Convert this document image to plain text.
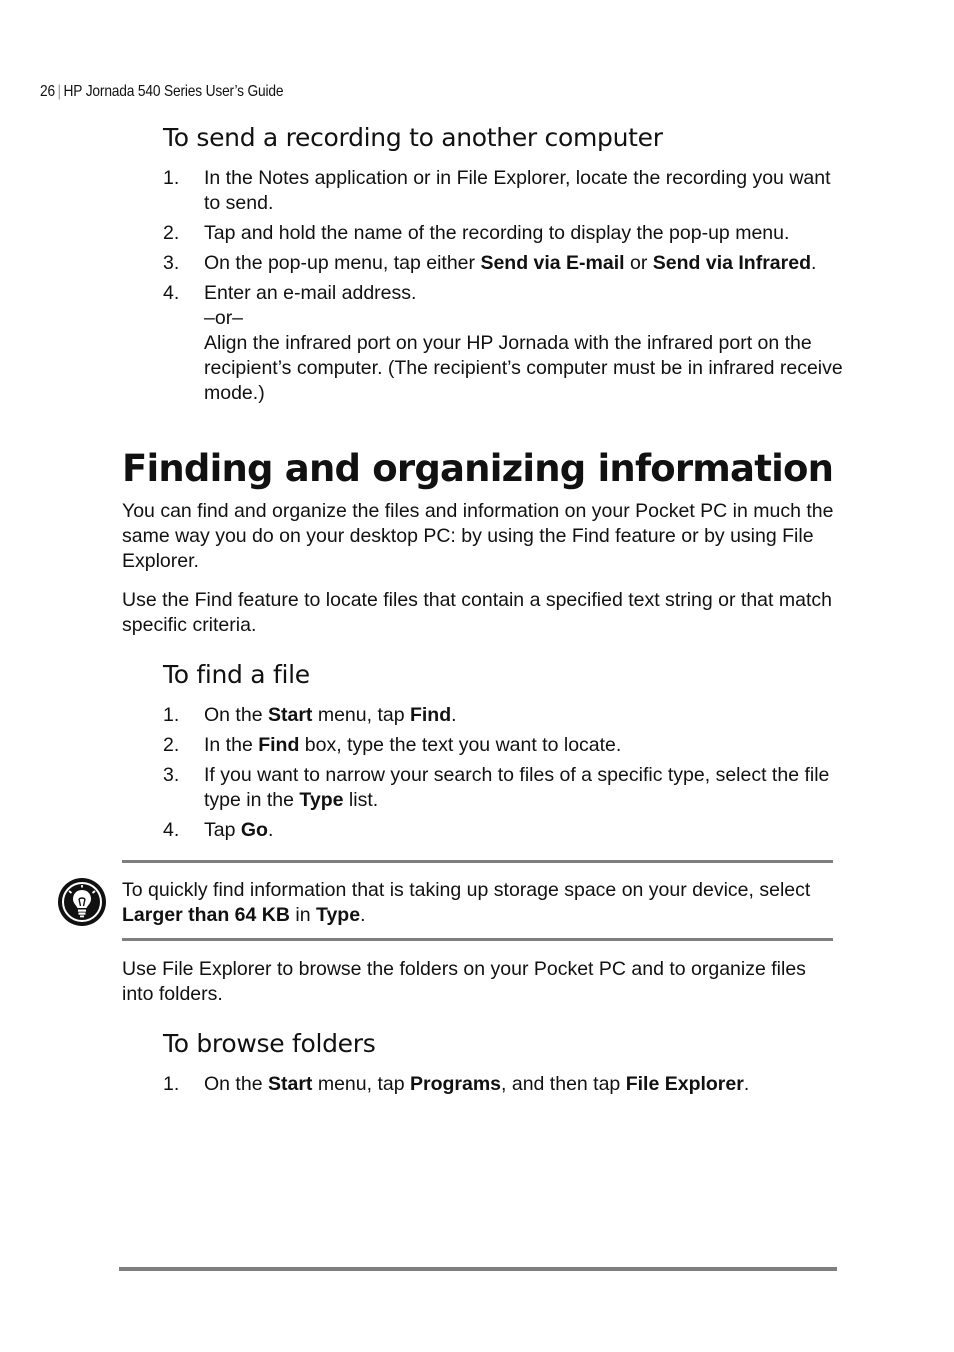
26 | HP Jornada 540 Series User’s Guide
To send a recording to another computer
1. In the Notes application or in File Explorer, locate the recording you want to send.
2. Tap and hold the name of the recording to display the pop-up menu.
3. On the pop-up menu, tap either Send via E-mail or Send via Infrared.
4. Enter an e-mail address.
–or–
Align the infrared port on your HP Jornada with the infrared port on the recipient’s computer. (The recipient’s computer must be in infrared receive mode.)
Finding and organizing information
You can find and organize the files and information on your Pocket PC in much the same way you do on your desktop PC: by using the Find feature or by using File Explorer.
Use the Find feature to locate files that contain a specified text string or that match specific criteria.
To find a file
1. On the Start menu, tap Find.
2. In the Find box, type the text you want to locate.
3. If you want to narrow your search to files of a specific type, select the file type in the Type list.
4. Tap Go.
To quickly find information that is taking up storage space on your device, select Larger than 64 KB in Type.
Use File Explorer to browse the folders on your Pocket PC and to organize files into folders.
To browse folders
1. On the Start menu, tap Programs, and then tap File Explorer.
